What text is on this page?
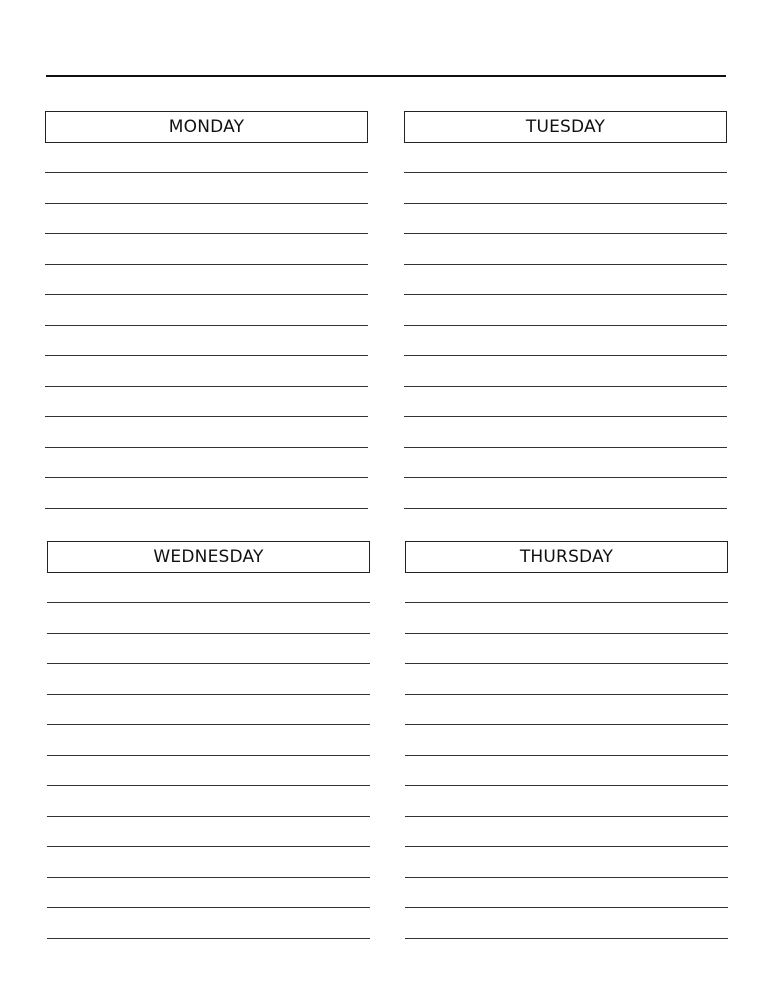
MONDAY	TUESDAY
WEDNESDAY	THURSDAY
